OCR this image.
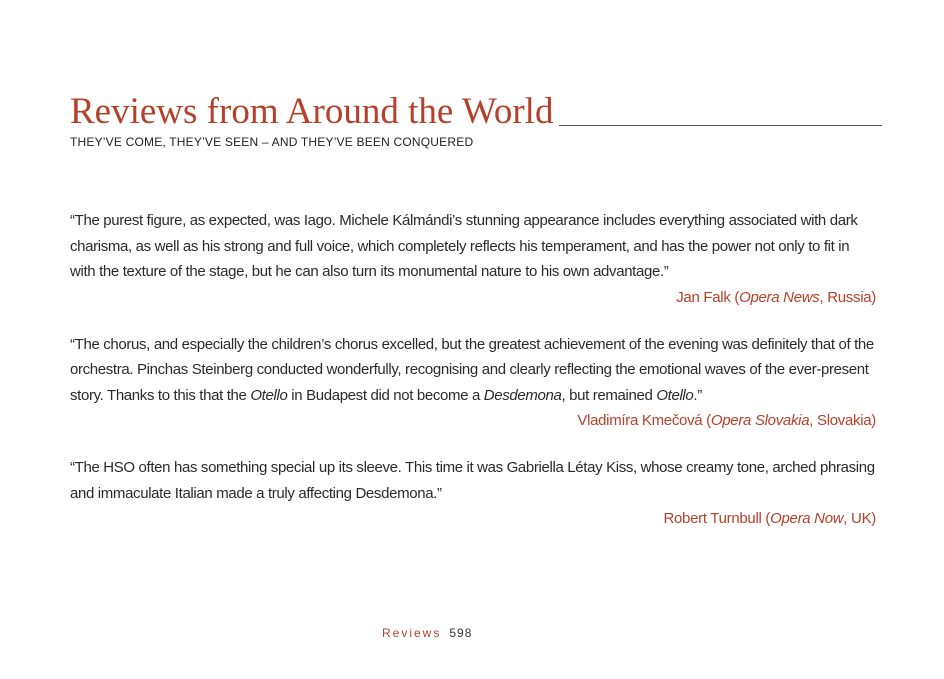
Reviews from Around the World
THEY’VE COME, THEY’VE SEEN – AND THEY’VE BEEN CONQUERED
“The purest figure, as expected, was Iago. Michele Kálmándi’s stunning appearance includes everything associated with dark charisma, as well as his strong and full voice, which completely reflects his temperament, and has the power not only to fit in with the texture of the stage, but he can also turn its monumental nature to his own advantage.”
Jan Falk (Opera News, Russia)
“The chorus, and especially the children’s chorus excelled, but the greatest achievement of the evening was definitely that of the orchestra. Pinchas Steinberg conducted wonderfully, recognising and clearly reflecting the emotional waves of the ever-present story. Thanks to this that the Otello in Budapest did not become a Desdemona, but remained Otello.”
Vladimíra Kmečová (Opera Slovakia, Slovakia)
“The HSO often has something special up its sleeve. This time it was Gabriella Létay Kiss, whose creamy tone, arched phrasing and immaculate Italian made a truly affecting Desdemona.”
Robert Turnbull (Opera Now, UK)
Reviews 598
